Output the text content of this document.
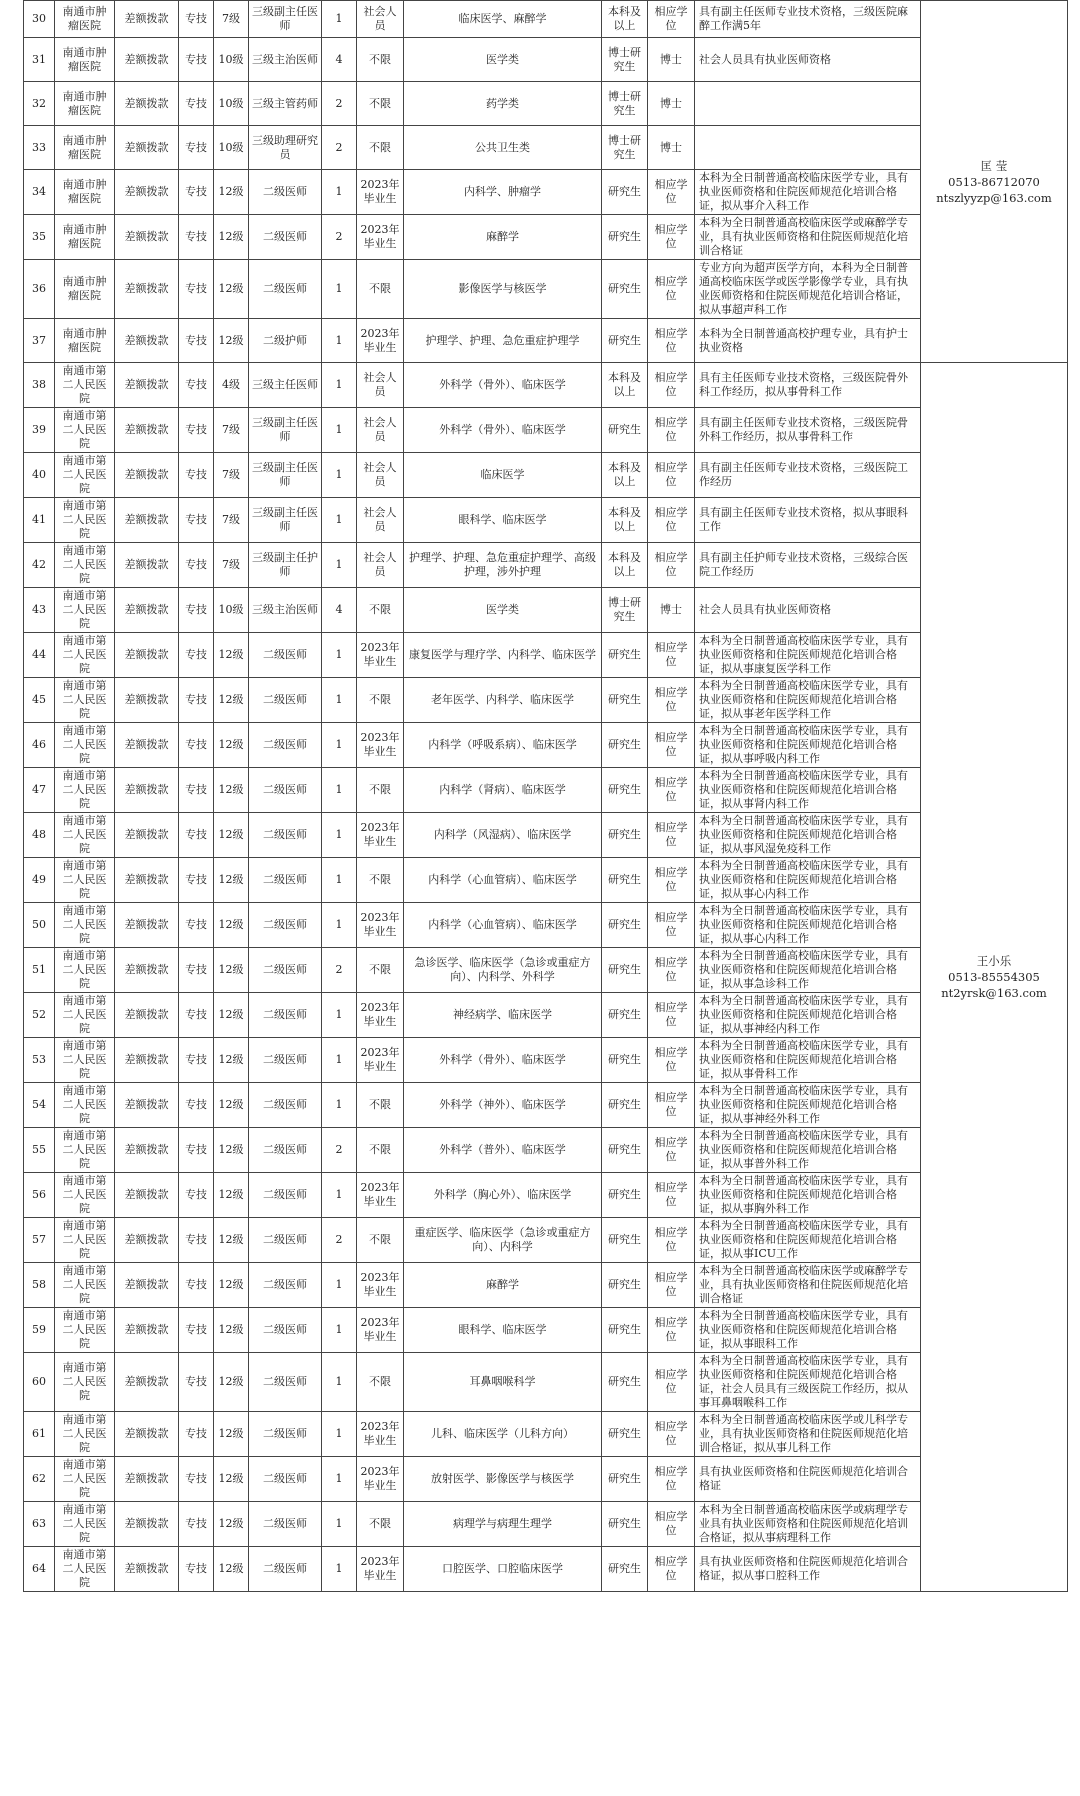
30	南通市肿瘤医院	差额拨款	专技	7级	三级副主任医师	1	社会人员	临床医学、麻醉学	本科及以上	相应学位	具有副主任医师专业技术资格，三级医院麻醉工作满5年	匡 莹
0513-86712070
ntszlyyzp@163.com

31	南通市肿瘤医院	差额拨款	专技	10级	三级主治医师	4	不限	医学类	博士研究生	博士	社会人员具有执业医师资格	
32	南通市肿瘤医院	差额拨款	专技	10级	三级主管药师	2	不限	药学类	博士研究生	博士		
33	南通市肿瘤医院	差额拨款	专技	10级	三级助理研究员	2	不限	公共卫生类	博士研究生	博士		
34	南通市肿瘤医院	差额拨款	专技	12级	二级医师	1	2023年毕业生	内科学、肿瘤学	研究生	相应学位	本科为全日制普通高校临床医学专业，具有执业医师资格和住院医师规范化培训合格证，拟从事介入科工作	
35	南通市肿瘤医院	差额拨款	专技	12级	二级医师	2	2023年毕业生	麻醉学	研究生	相应学位	本科为全日制普通高校临床医学或麻醉学专业，具有执业医师资格和住院医师规范化培训合格证	
36	南通市肿瘤医院	差额拨款	专技	12级	二级医师	1	不限	影像医学与核医学	研究生	相应学位	专业方向为超声医学方向，本科为全日制普通高校临床医学或医学影像学专业，具有执业医师资格和住院医师规范化培训合格证，拟从事超声科工作	
37	南通市肿瘤医院	差额拨款	专技	12级	二级护师	1	2023年毕业生	护理学、护理、急危重症护理学	研究生	相应学位	本科为全日制普通高校护理专业，具有护士执业资格	
38	南通市第二人民医院	差额拨款	专技	4级	三级主任医师	1	社会人员	外科学（骨外）、临床医学	本科及以上	相应学位	具有主任医师专业技术资格，三级医院骨外科工作经历，拟从事骨科工作	王小乐
0513-85554305
nt2yrsk@163.com

39	南通市第二人民医院	差额拨款	专技	7级	三级副主任医师	1	社会人员	外科学（骨外）、临床医学	研究生	相应学位	具有副主任医师专业技术资格，三级医院骨外科工作经历，拟从事骨科工作	
40	南通市第二人民医院	差额拨款	专技	7级	三级副主任医师	1	社会人员	临床医学	本科及以上	相应学位	具有副主任医师专业技术资格，三级医院工作经历	
41	南通市第二人民医院	差额拨款	专技	7级	三级副主任医师	1	社会人员	眼科学、临床医学	本科及以上	相应学位	具有副主任医师专业技术资格，拟从事眼科工作	
42	南通市第二人民医院	差额拨款	专技	7级	三级副主任护师	1	社会人员	护理学、护理、急危重症护理学、高级护理，涉外护理	本科及以上	相应学位	具有副主任护师专业技术资格，三级综合医院工作经历	
43	南通市第二人民医院	差额拨款	专技	10级	三级主治医师	4	不限	医学类	博士研究生	博士	社会人员具有执业医师资格	
44	南通市第二人民医院	差额拨款	专技	12级	二级医师	1	2023年毕业生	康复医学与理疗学、内科学、临床医学	研究生	相应学位	本科为全日制普通高校临床医学专业，具有执业医师资格和住院医师规范化培训合格证，拟从事康复医学科工作	
45	南通市第二人民医院	差额拨款	专技	12级	二级医师	1	不限	老年医学、内科学、临床医学	研究生	相应学位	本科为全日制普通高校临床医学专业，具有执业医师资格和住院医师规范化培训合格证，拟从事老年医学科工作	
46	南通市第二人民医院	差额拨款	专技	12级	二级医师	1	2023年毕业生	内科学（呼吸系病）、临床医学	研究生	相应学位	本科为全日制普通高校临床医学专业，具有执业医师资格和住院医师规范化培训合格证，拟从事呼吸内科工作	
47	南通市第二人民医院	差额拨款	专技	12级	二级医师	1	不限	内科学（肾病）、临床医学	研究生	相应学位	本科为全日制普通高校临床医学专业，具有执业医师资格和住院医师规范化培训合格证，拟从事肾内科工作	
48	南通市第二人民医院	差额拨款	专技	12级	二级医师	1	2023年毕业生	内科学（风湿病）、临床医学	研究生	相应学位	本科为全日制普通高校临床医学专业，具有执业医师资格和住院医师规范化培训合格证，拟从事风湿免疫科工作	
49	南通市第二人民医院	差额拨款	专技	12级	二级医师	1	不限	内科学（心血管病）、临床医学	研究生	相应学位	本科为全日制普通高校临床医学专业，具有执业医师资格和住院医师规范化培训合格证，拟从事心内科工作	
50	南通市第二人民医院	差额拨款	专技	12级	二级医师	1	2023年毕业生	内科学（心血管病）、临床医学	研究生	相应学位	本科为全日制普通高校临床医学专业，具有执业医师资格和住院医师规范化培训合格证，拟从事心内科工作	
51	南通市第二人民医院	差额拨款	专技	12级	二级医师	2	不限	急诊医学、临床医学（急诊或重症方向）、内科学、外科学	研究生	相应学位	本科为全日制普通高校临床医学专业，具有执业医师资格和住院医师规范化培训合格证，拟从事急诊科工作	
52	南通市第二人民医院	差额拨款	专技	12级	二级医师	1	2023年毕业生	神经病学、临床医学	研究生	相应学位	本科为全日制普通高校临床医学专业，具有执业医师资格和住院医师规范化培训合格证，拟从事神经内科工作	
53	南通市第二人民医院	差额拨款	专技	12级	二级医师	1	2023年毕业生	外科学（骨外）、临床医学	研究生	相应学位	本科为全日制普通高校临床医学专业，具有执业医师资格和住院医师规范化培训合格证，拟从事骨科工作	
54	南通市第二人民医院	差额拨款	专技	12级	二级医师	1	不限	外科学（神外）、临床医学	研究生	相应学位	本科为全日制普通高校临床医学专业，具有执业医师资格和住院医师规范化培训合格证，拟从事神经外科工作	
55	南通市第二人民医院	差额拨款	专技	12级	二级医师	2	不限	外科学（普外）、临床医学	研究生	相应学位	本科为全日制普通高校临床医学专业，具有执业医师资格和住院医师规范化培训合格证，拟从事普外科工作	
56	南通市第二人民医院	差额拨款	专技	12级	二级医师	1	2023年毕业生	外科学（胸心外）、临床医学	研究生	相应学位	本科为全日制普通高校临床医学专业，具有执业医师资格和住院医师规范化培训合格证，拟从事胸外科工作	
57	南通市第二人民医院	差额拨款	专技	12级	二级医师	2	不限	重症医学、临床医学（急诊或重症方向）、内科学	研究生	相应学位	本科为全日制普通高校临床医学专业，具有执业医师资格和住院医师规范化培训合格证，拟从事ICU工作	
58	南通市第二人民医院	差额拨款	专技	12级	二级医师	1	2023年毕业生	麻醉学	研究生	相应学位	本科为全日制普通高校临床医学或麻醉学专业，具有执业医师资格和住院医师规范化培训合格证	
59	南通市第二人民医院	差额拨款	专技	12级	二级医师	1	2023年毕业生	眼科学、临床医学	研究生	相应学位	本科为全日制普通高校临床医学专业，具有执业医师资格和住院医师规范化培训合格证，拟从事眼科工作	
60	南通市第二人民医院	差额拨款	专技	12级	二级医师	1	不限	耳鼻咽喉科学	研究生	相应学位	本科为全日制普通高校临床医学专业，具有执业医师资格和住院医师规范化培训合格证，社会人员具有三级医院工作经历，拟从事耳鼻咽喉科工作	
61	南通市第二人民医院	差额拨款	专技	12级	二级医师	1	2023年毕业生	儿科、临床医学（儿科方向）	研究生	相应学位	本科为全日制普通高校临床医学或儿科学专业，具有执业医师资格和住院医师规范化培训合格证，拟从事儿科工作	
62	南通市第二人民医院	差额拨款	专技	12级	二级医师	1	2023年毕业生	放射医学、影像医学与核医学	研究生	相应学位	具有执业医师资格和住院医师规范化培训合格证	
63	南通市第二人民医院	差额拨款	专技	12级	二级医师	1	不限	病理学与病理生理学	研究生	相应学位	本科为全日制普通高校临床医学或病理学专业具有执业医师资格和住院医师规范化培训合格证，拟从事病理科工作	
64	南通市第二人民医院	差额拨款	专技	12级	二级医师	1	2023年毕业生	口腔医学、口腔临床医学	研究生	相应学位	具有执业医师资格和住院医师规范化培训合格证，拟从事口腔科工作	
